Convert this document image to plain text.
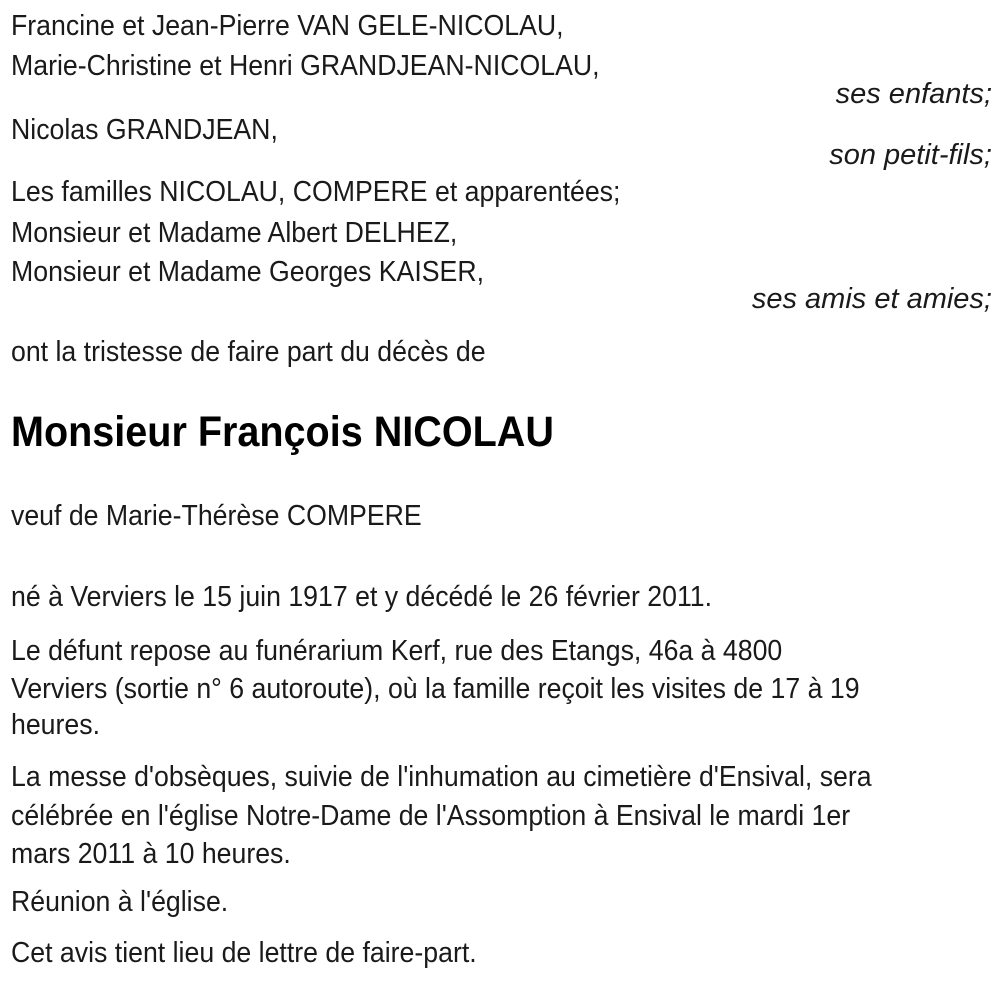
Francine et Jean-Pierre VAN GELE-NICOLAU,
Marie-Christine et Henri GRANDJEAN-NICOLAU,
ses enfants;
Nicolas GRANDJEAN,
son petit-fils;
Les familles NICOLAU, COMPERE et apparentées;
Monsieur et Madame Albert DELHEZ,
Monsieur et Madame Georges KAISER,
ses amis et amies;
ont la tristesse de faire part du décès de
Monsieur François NICOLAU
veuf de Marie-Thérèse COMPERE
né à Verviers le 15 juin 1917 et y décédé le 26 février 2011.
Le défunt repose au funérarium Kerf, rue des Etangs, 46a à 4800
Verviers (sortie n° 6 autoroute), où la famille reçoit les visites de 17 à 19
heures.
La messe d'obsèques, suivie de l'inhumation au cimetière d'Ensival, sera
célébrée en l'église Notre-Dame de l'Assomption à Ensival le mardi 1er
mars 2011 à 10 heures.
Réunion à l'église.
Cet avis tient lieu de lettre de faire-part.
